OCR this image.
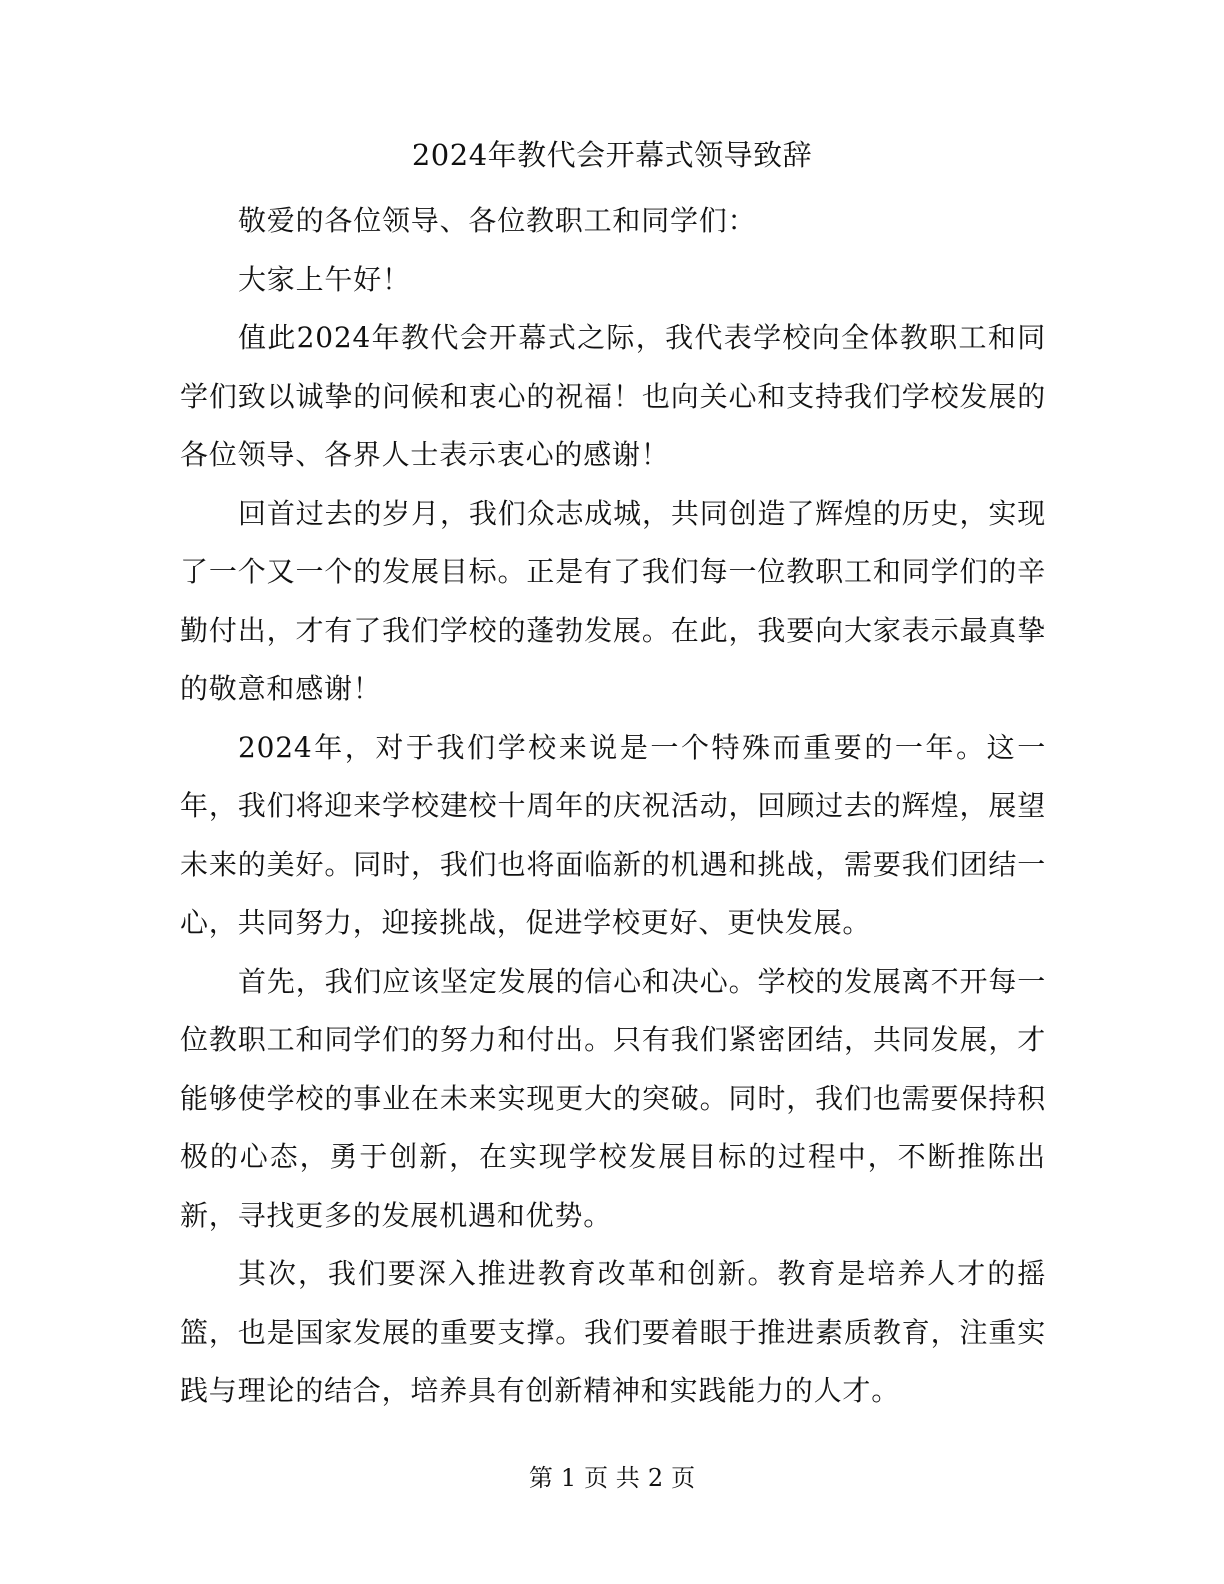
2024年教代会开幕式领导致辞

敬爱的各位领导、各位教职工和同学们：

大家上午好！

值此2024年教代会开幕式之际，我代表学校向全体教职工和同学们致以诚挚的问候和衷心的祝福！也向关心和支持我们学校发展的各位领导、各界人士表示衷心的感谢！

回首过去的岁月，我们众志成城，共同创造了辉煌的历史，实现了一个又一个的发展目标。正是有了我们每一位教职工和同学们的辛勤付出，才有了我们学校的蓬勃发展。在此，我要向大家表示最真挚的敬意和感谢！

2024年，对于我们学校来说是一个特殊而重要的一年。这一年，我们将迎来学校建校十周年的庆祝活动，回顾过去的辉煌，展望未来的美好。同时，我们也将面临新的机遇和挑战，需要我们团结一心，共同努力，迎接挑战，促进学校更好、更快发展。

首先，我们应该坚定发展的信心和决心。学校的发展离不开每一位教职工和同学们的努力和付出。只有我们紧密团结，共同发展，才能够使学校的事业在未来实现更大的突破。同时，我们也需要保持积极的心态，勇于创新，在实现学校发展目标的过程中，不断推陈出新，寻找更多的发展机遇和优势。

其次，我们要深入推进教育改革和创新。教育是培养人才的摇篮，也是国家发展的重要支撑。我们要着眼于推进素质教育，注重实践与理论的结合，培养具有创新精神和实践能力的人才。

第 1 页 共 2 页
